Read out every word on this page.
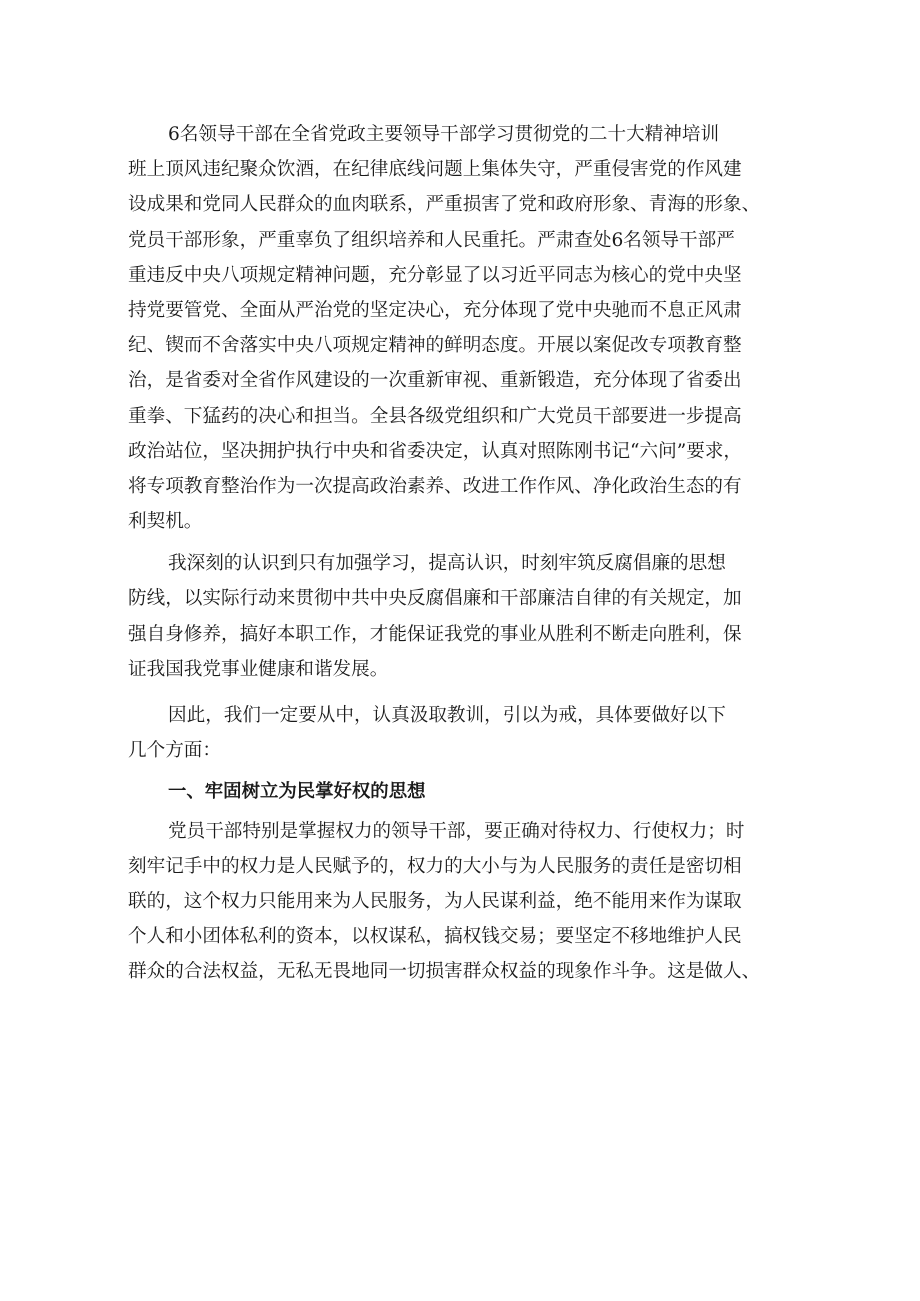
6名领导干部在全省党政主要领导干部学习贯彻党的二十大精神培训
班上顶风违纪聚众饮酒，在纪律底线问题上集体失守，严重侵害党的作风建
设成果和党同人民群众的血肉联系，严重损害了党和政府形象、青海的形象、
党员干部形象，严重辜负了组织培养和人民重托。严肃查处6名领导干部严
重违反中央八项规定精神问题，充分彰显了以习近平同志为核心的党中央坚
持党要管党、全面从严治党的坚定决心，充分体现了党中央驰而不息正风肃
纪、锲而不舍落实中央八项规定精神的鲜明态度。开展以案促改专项教育整
治，是省委对全省作风建设的一次重新审视、重新锻造，充分体现了省委出
重拳、下猛药的决心和担当。全县各级党组织和广大党员干部要进一步提高
政治站位，坚决拥护执行中央和省委决定，认真对照陈刚书记“六问”要求，
将专项教育整治作为一次提高政治素养、改进工作作风、净化政治生态的有
利契机。
我深刻的认识到只有加强学习，提高认识，时刻牢筑反腐倡廉的思想
防线，以实际行动来贯彻中共中央反腐倡廉和干部廉洁自律的有关规定，加
强自身修养，搞好本职工作，才能保证我党的事业从胜利不断走向胜利，保
证我国我党事业健康和谐发展。
因此，我们一定要从中，认真汲取教训，引以为戒，具体要做好以下
几个方面：
一、牢固树立为民掌好权的思想
党员干部特别是掌握权力的领导干部，要正确对待权力、行使权力；时
刻牢记手中的权力是人民赋予的，权力的大小与为人民服务的责任是密切相
联的，这个权力只能用来为人民服务，为人民谋利益，绝不能用来作为谋取
个人和小团体私利的资本，以权谋私，搞权钱交易；要坚定不移地维护人民
群众的合法权益，无私无畏地同一切损害群众权益的现象作斗争。这是做人、
